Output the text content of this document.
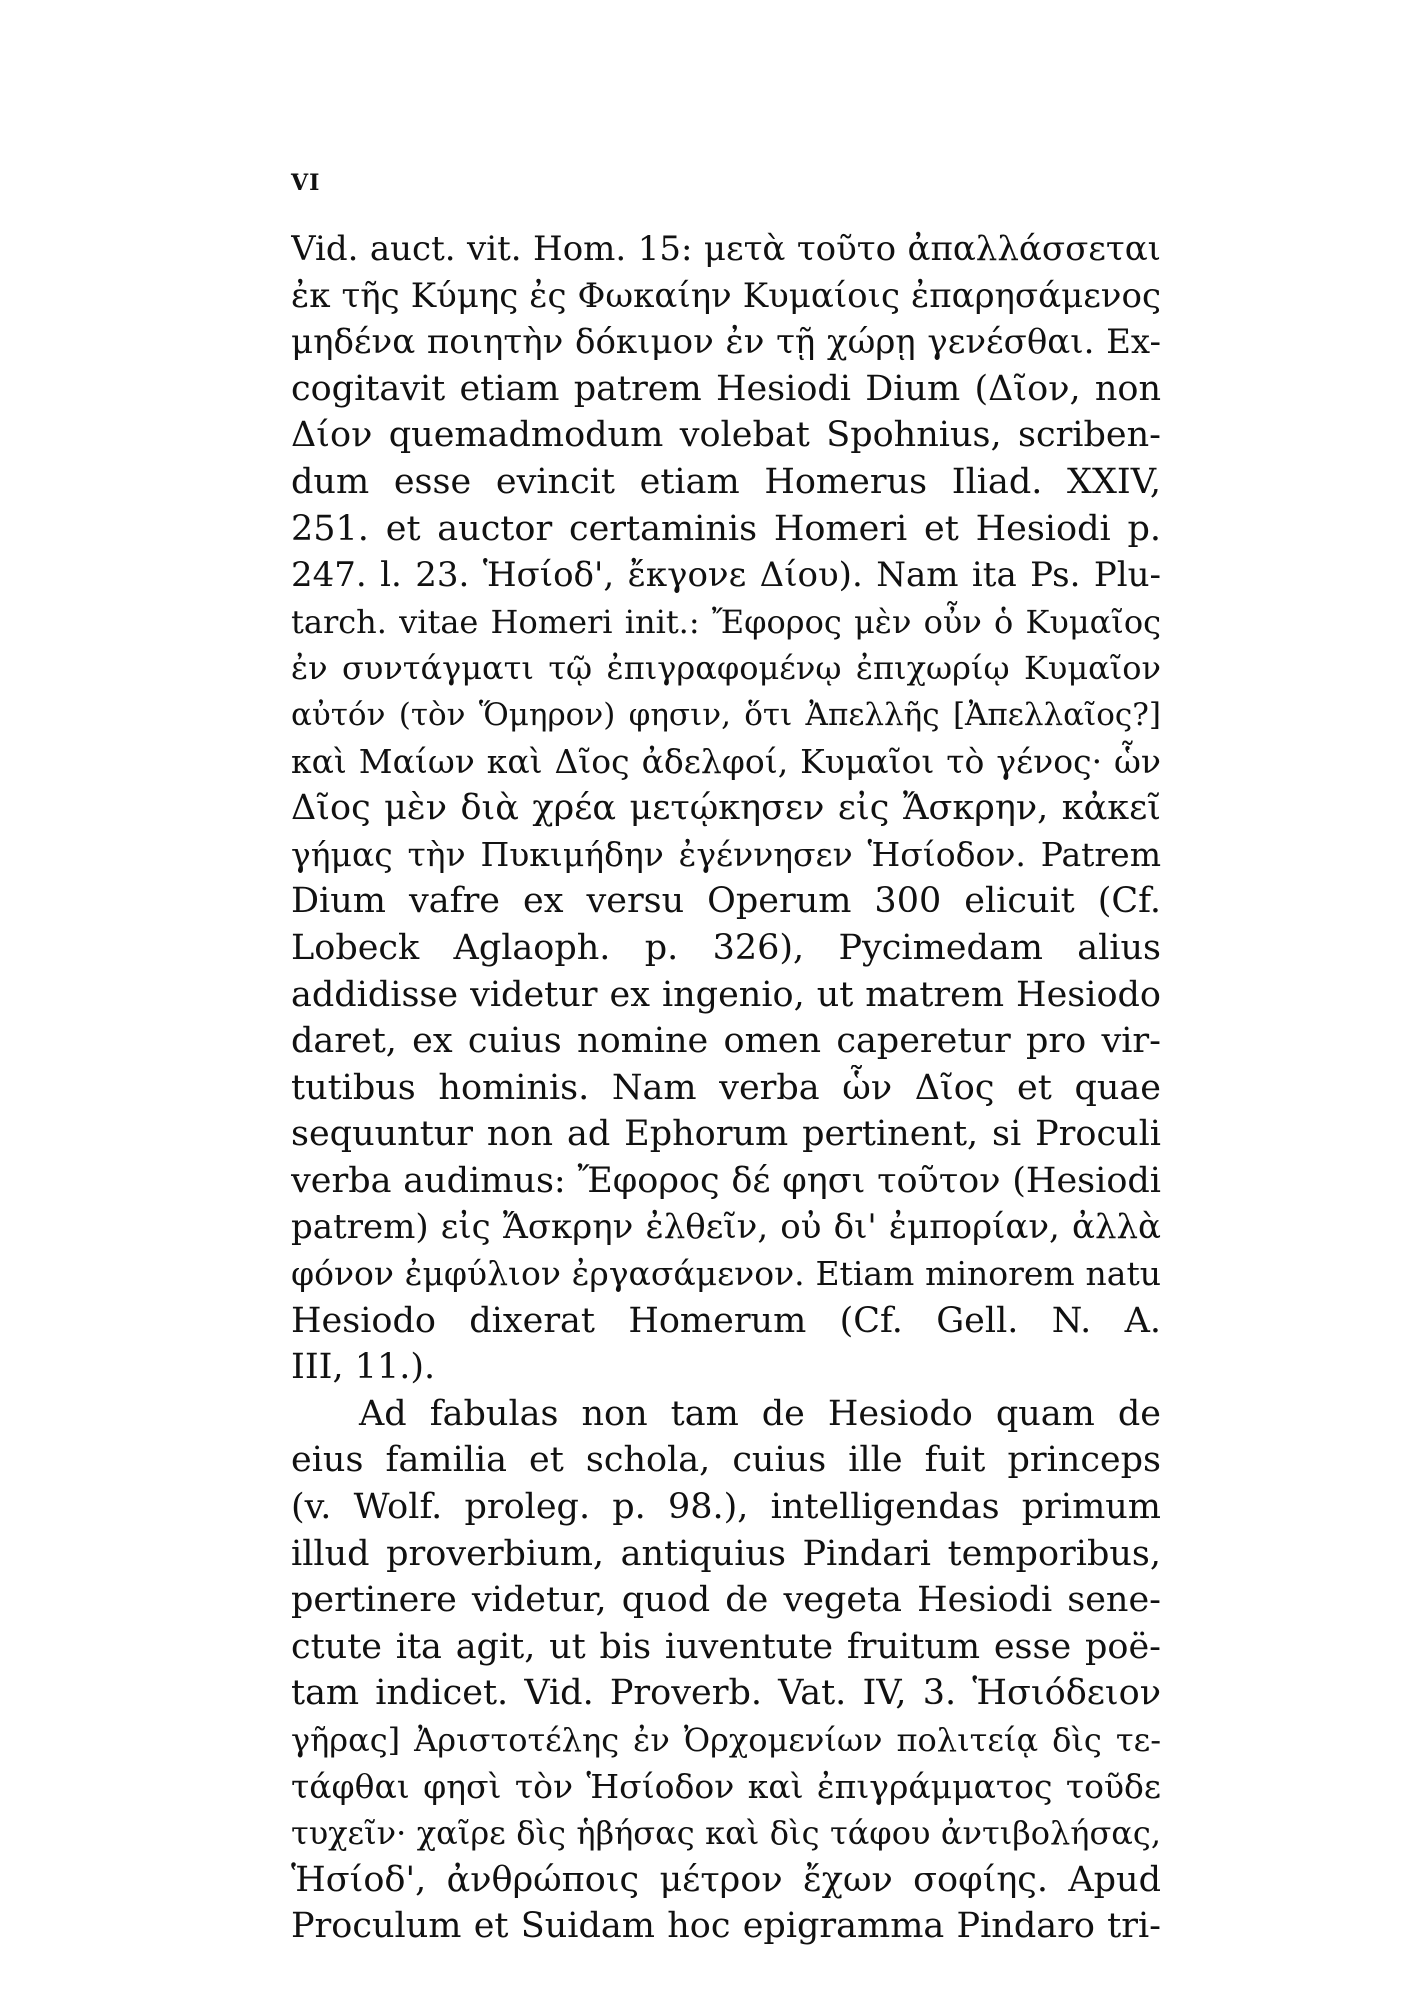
VI
Vid. auct. vit. Hom. 15: μετὰ τοῦτο ἀπαλλάσσεται
ἐκ τῆς Κύμης ἐς Φωκαίην Κυμαίοις ἐπαρησάμενος
μηδένα ποιητὴν δόκιμον ἐν τῇ χώρῃ γενέσθαι. Ex-
cogitavit etiam patrem Hesiodi Dium (Δῖον, non
Δίον quemadmodum volebat Spohnius, scriben-
dum esse evincit etiam Homerus Iliad. XXIV,
251. et auctor certaminis Homeri et Hesiodi p.
247. l. 23. Ἡσίοδ', ἔκγονε Δίου). Nam ita Ps. Plu-
tarch. vitae Homeri init.: Ἔφορος μὲν οὖν ὁ Κυμαῖος
ἐν συντάγματι τῷ ἐπιγραφομένῳ ἐπιχωρίῳ Κυμαῖον
αὐτόν (τὸν Ὅμηρον) φησιν, ὅτι Ἀπελλῆς [Ἀπελλαῖος?]
καὶ Μαίων καὶ Δῖος ἀδελφοί, Κυμαῖοι τὸ γένος· ὧν
Δῖος μὲν διὰ χρέα μετῴκησεν εἰς Ἄσκρην, κἀκεῖ
γήμας τὴν Πυκιμήδην ἐγέννησεν Ἡσίοδον. Patrem
Dium vafre ex versu Operum 300 elicuit (Cf.
Lobeck Aglaoph. p. 326), Pycimedam alius
addidisse videtur ex ingenio, ut matrem Hesiodo
daret, ex cuius nomine omen caperetur pro vir-
tutibus hominis. Nam verba ὧν Δῖος et quae
sequuntur non ad Ephorum pertinent, si Proculi
verba audimus: Ἔφορος δέ φησι τοῦτον (Hesiodi
patrem) εἰς Ἄσκρην ἐλθεῖν, οὐ δι' ἐμπορίαν, ἀλλὰ
φόνον ἐμφύλιον ἐργασάμενον. Etiam minorem natu
Hesiodo dixerat Homerum (Cf. Gell. N. A.
III, 11.).
Ad fabulas non tam de Hesiodo quam de
eius familia et schola, cuius ille fuit princeps
(v. Wolf. proleg. p. 98.), intelligendas primum
illud proverbium, antiquius Pindari temporibus,
pertinere videtur, quod de vegeta Hesiodi sene-
ctute ita agit, ut bis iuventute fruitum esse poë-
tam indicet. Vid. Proverb. Vat. IV, 3. Ἡσιόδειον
γῆρας] Ἀριστοτέλης ἐν Ὀρχομενίων πολιτείᾳ δὶς τε-
τάφθαι φησὶ τὸν Ἡσίοδον καὶ ἐπιγράμματος τοῦδε
τυχεῖν· χαῖρε δὶς ἡβήσας καὶ δὶς τάφου ἀντιβολήσας,
Ἡσίοδ', ἀνθρώποις μέτρον ἔχων σοφίης. Apud
Proculum et Suidam hoc epigramma Pindaro tri-
